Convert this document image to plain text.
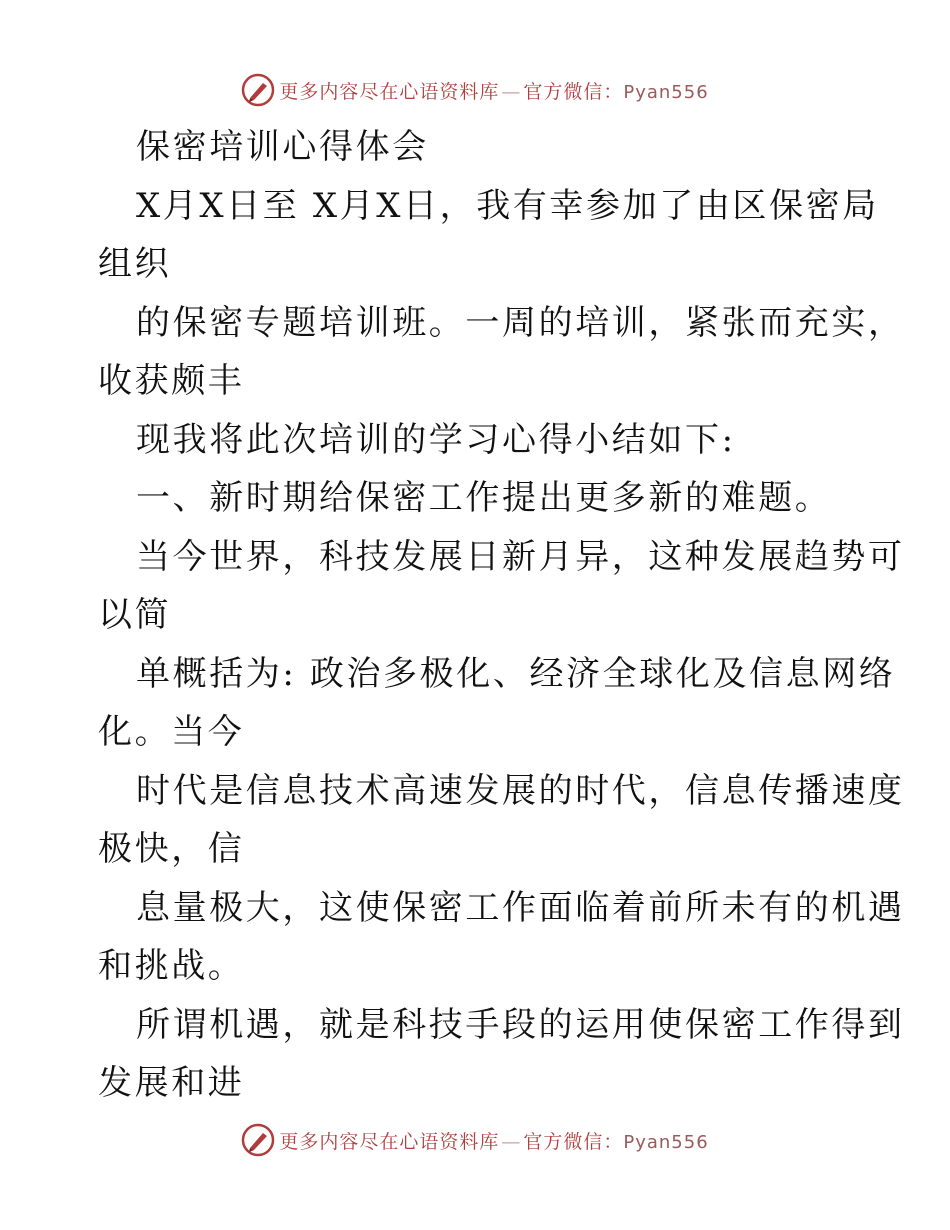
更多内容尽在心语资料库 — 官方微信：Pyan556
保密培训心得体会
X月X日至 X月X日，我有幸参加了由区保密局
组织
的保密专题培训班。一周的培训，紧张而充实，
收获颇丰
现我将此次培训的学习心得小结如下:
一、新时期给保密工作提出更多新的难题。
当今世界，科技发展日新月异，这种发展趋势可
以简
单概括为: 政治多极化、经济全球化及信息网络
化。当今
时代是信息技术高速发展的时代，信息传播速度
极快，信
息量极大，这使保密工作面临着前所未有的机遇
和挑战。
所谓机遇，就是科技手段的运用使保密工作得到
发展和进
更多内容尽在心语资料库 — 官方微信：Pyan556
